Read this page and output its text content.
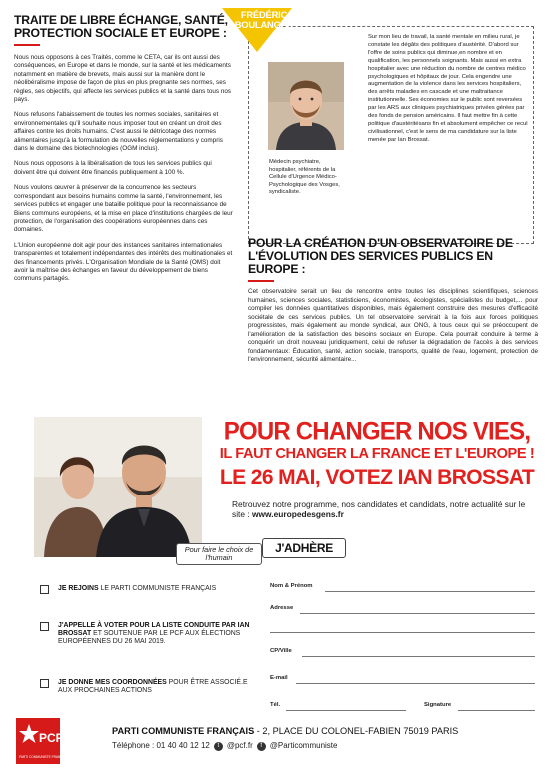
TRAITE DE LIBRE ÉCHANGE, SANTÉ, PROTECTION SOCIALE ET EUROPE :

Nous nous opposons à ces Traités, comme le CETA, car ils ont aussi des conséquences, en Europe et dans le monde, sur la santé et les médicaments notamment en matière de brevets, mais aussi sur la manière dont le néolibéralisme impose de façon de plus en plus pregnante ses normes, ses règles, ses objectifs, qui affecte les services publics et la santé dans tous nos pays.

Nous refusons l'abaissement de toutes les normes sociales, sanitaires et environnementales qu'il souhaite nous imposer tout en créant un droit des affaires contre les droits humains. C'est aussi le détricotage des normes alimentaires jusqu'à la formulation de nouvelles réglementations y compris dans le domaine des biotechnologies (OGM inclus).

Nous nous opposons à la libéralisation de tous les services publics qui doivent être qui doivent être financés publiquement à 100 %.

Nous voulons œuvrer à préserver de la concurrence les secteurs correspondant aux besoins humains comme la santé, l'environnement, les services publics et engager une bataille politique pour la reconnaissance de Biens communs européens, et la mise en place d'institutions chargées de leur protection, de l'organisation des coopérations européennes dans ces domaines.

L'Union européenne doit agir pour des instances sanitaires internationales transparentes et totalement indépendantes des intérêts des multinationales et des financements privés. L'Organisation Mondiale de la Santé (OMS) doit avoir la maîtrise des échanges en faveur du développement de biens communs partagés.

FRÉDÉRIC BOULANGER
Médecin psychiatre, hospitalier, référents de la Cellule d'Urgence Médico-Psychologique des Vosges, syndicaliste.
Sur mon lieu de travail, la santé mentale en milieu rural, je constate les dégâts des politiques d'austérité. D'abord sur l'offre de soins publics qui diminue,en nombre et en qualification, les personnels soignants. Mais aussi en extra hospitalier avec une réduction du nombre de centres médico psychologiques et hôpitaux de jour. Cela engendre une augmentation de la violence dans les services hospitaliers, des arrêts maladies en cascade et une maltraitance institutionnelle. Ses économies sur le public sont reversées par les ARS aux cliniques psychiatriques privées gérées par des fonds de pension américains. Il faut mettre fin à cette politique d'austéritésans fin et absolument empêcher ce recul civilisationnel, c'est le sens de ma candidature sur la liste menée par Ian Brossat.
POUR LA CRÉATION D'UN OBSERVATOIRE DE L'ÉVOLUTION DES SERVICES PUBLICS EN EUROPE :

Cet observatoire serait un lieu de rencontre entre toutes les disciplines scientifiques, sciences humaines, sciences sociales, statisticiens, économistes, écologistes, spécialistes du budget,... pour compiler les données quantitatives disponibles, mais également construire des mesures d'efficacité sociétale de ces services publics. Un tel observatoire servirait à la fois aux forces politiques progressistes, mais également au monde syndical, aux ONG, à tous ceux qui se préoccupent de l'amélioration de la satisfaction des besoins sociaux en Europe. Cela pourrait conduire à terme à conquérir un droit nouveau juridiquement, celui de refuser la dégradation de l'accès à des services fondamentaux: Éducation, santé, action sociale, transports, qualité de l'eau, logement, protection de l'environnement, sécurité alimentaire...

POUR CHANGER NOS VIES,
IL FAUT CHANGER LA FRANCE ET L'EUROPE !
LE 26 MAI, VOTEZ IAN BROSSAT

Retrouvez notre programme, nos candidates et candidats, notre actualité sur le site : www.europedesgens.fr

Pour faire le choix de l'humain
J'ADHÈRE
JE REJOINS LE PARTI COMMUNISTE FRANÇAIS
J'APPELLE À VOTER POUR LA LISTE CONDUITE PAR IAN BROSSAT ET SOUTENUE PAR LE PCF AUX ÉLECTIONS EUROPÉENNES DU 26 MAI 2019.
JE DONNE MES COORDONNÉES POUR ÊTRE ASSOCIÉ.E AUX PROCHAINES ACTIONS
Nom & Prénom
Adresse
CP/Ville
E-mail
Tél.	Signature
PCF
PARTI COMMUNISTE FRANÇAIS

PARTI COMMUNISTE FRANÇAIS - 2, PLACE DU COLONEL-FABIEN 75019 PARIS

Téléphone : 01 40 40 12 12	t @pcf.fr	f @Particommuniste
